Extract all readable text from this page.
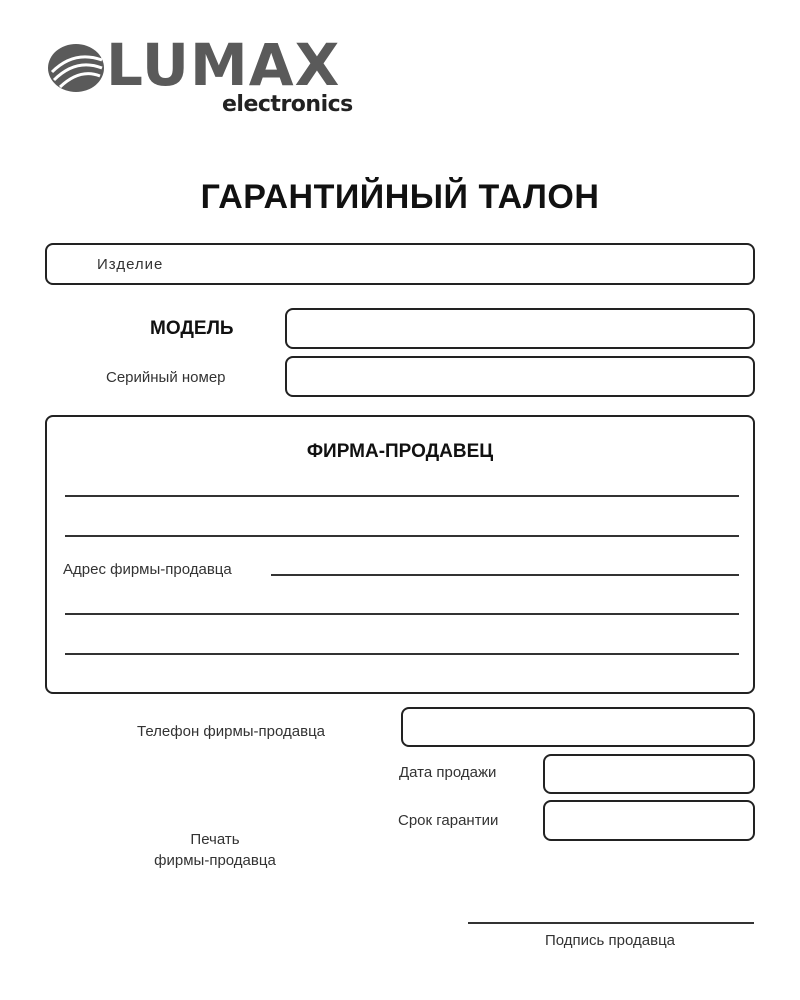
LUMAX
electronics
ГАРАНТИЙНЫЙ ТАЛОН
Изделие
МОДЕЛЬ
Серийный номер
ФИРМА-ПРОДАВЕЦ
Адрес фирмы-продавца
Телефон фирмы-продавца
Дата продажи
Срок гарантии
Печать
фирмы-продавца
Подпись продавца
